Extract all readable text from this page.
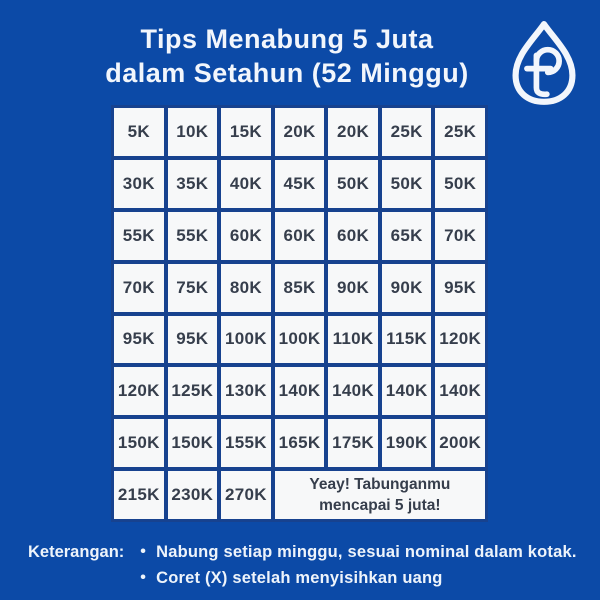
Tips Menabung 5 Juta
dalam Setahun (52 Minggu)
5K	10K	15K	20K	20K	25K	25K
30K	35K	40K	45K	50K	50K	50K
55K	55K	60K	60K	60K	65K	70K
70K	75K	80K	85K	90K	90K	95K
95K	95K 100K 100K 110K 115K 120K
120K 125K 130K 140K 140K 140K 140K
150K 150K 155K 165K 175K 190K 200K
215K 230K 270K
Yeay! Tabunganmu
mencapai 5 juta!
Keterangan: • Nabung setiap minggu, sesuai nominal dalam kotak.
• Coret (X) setelah menyisihkan uang
